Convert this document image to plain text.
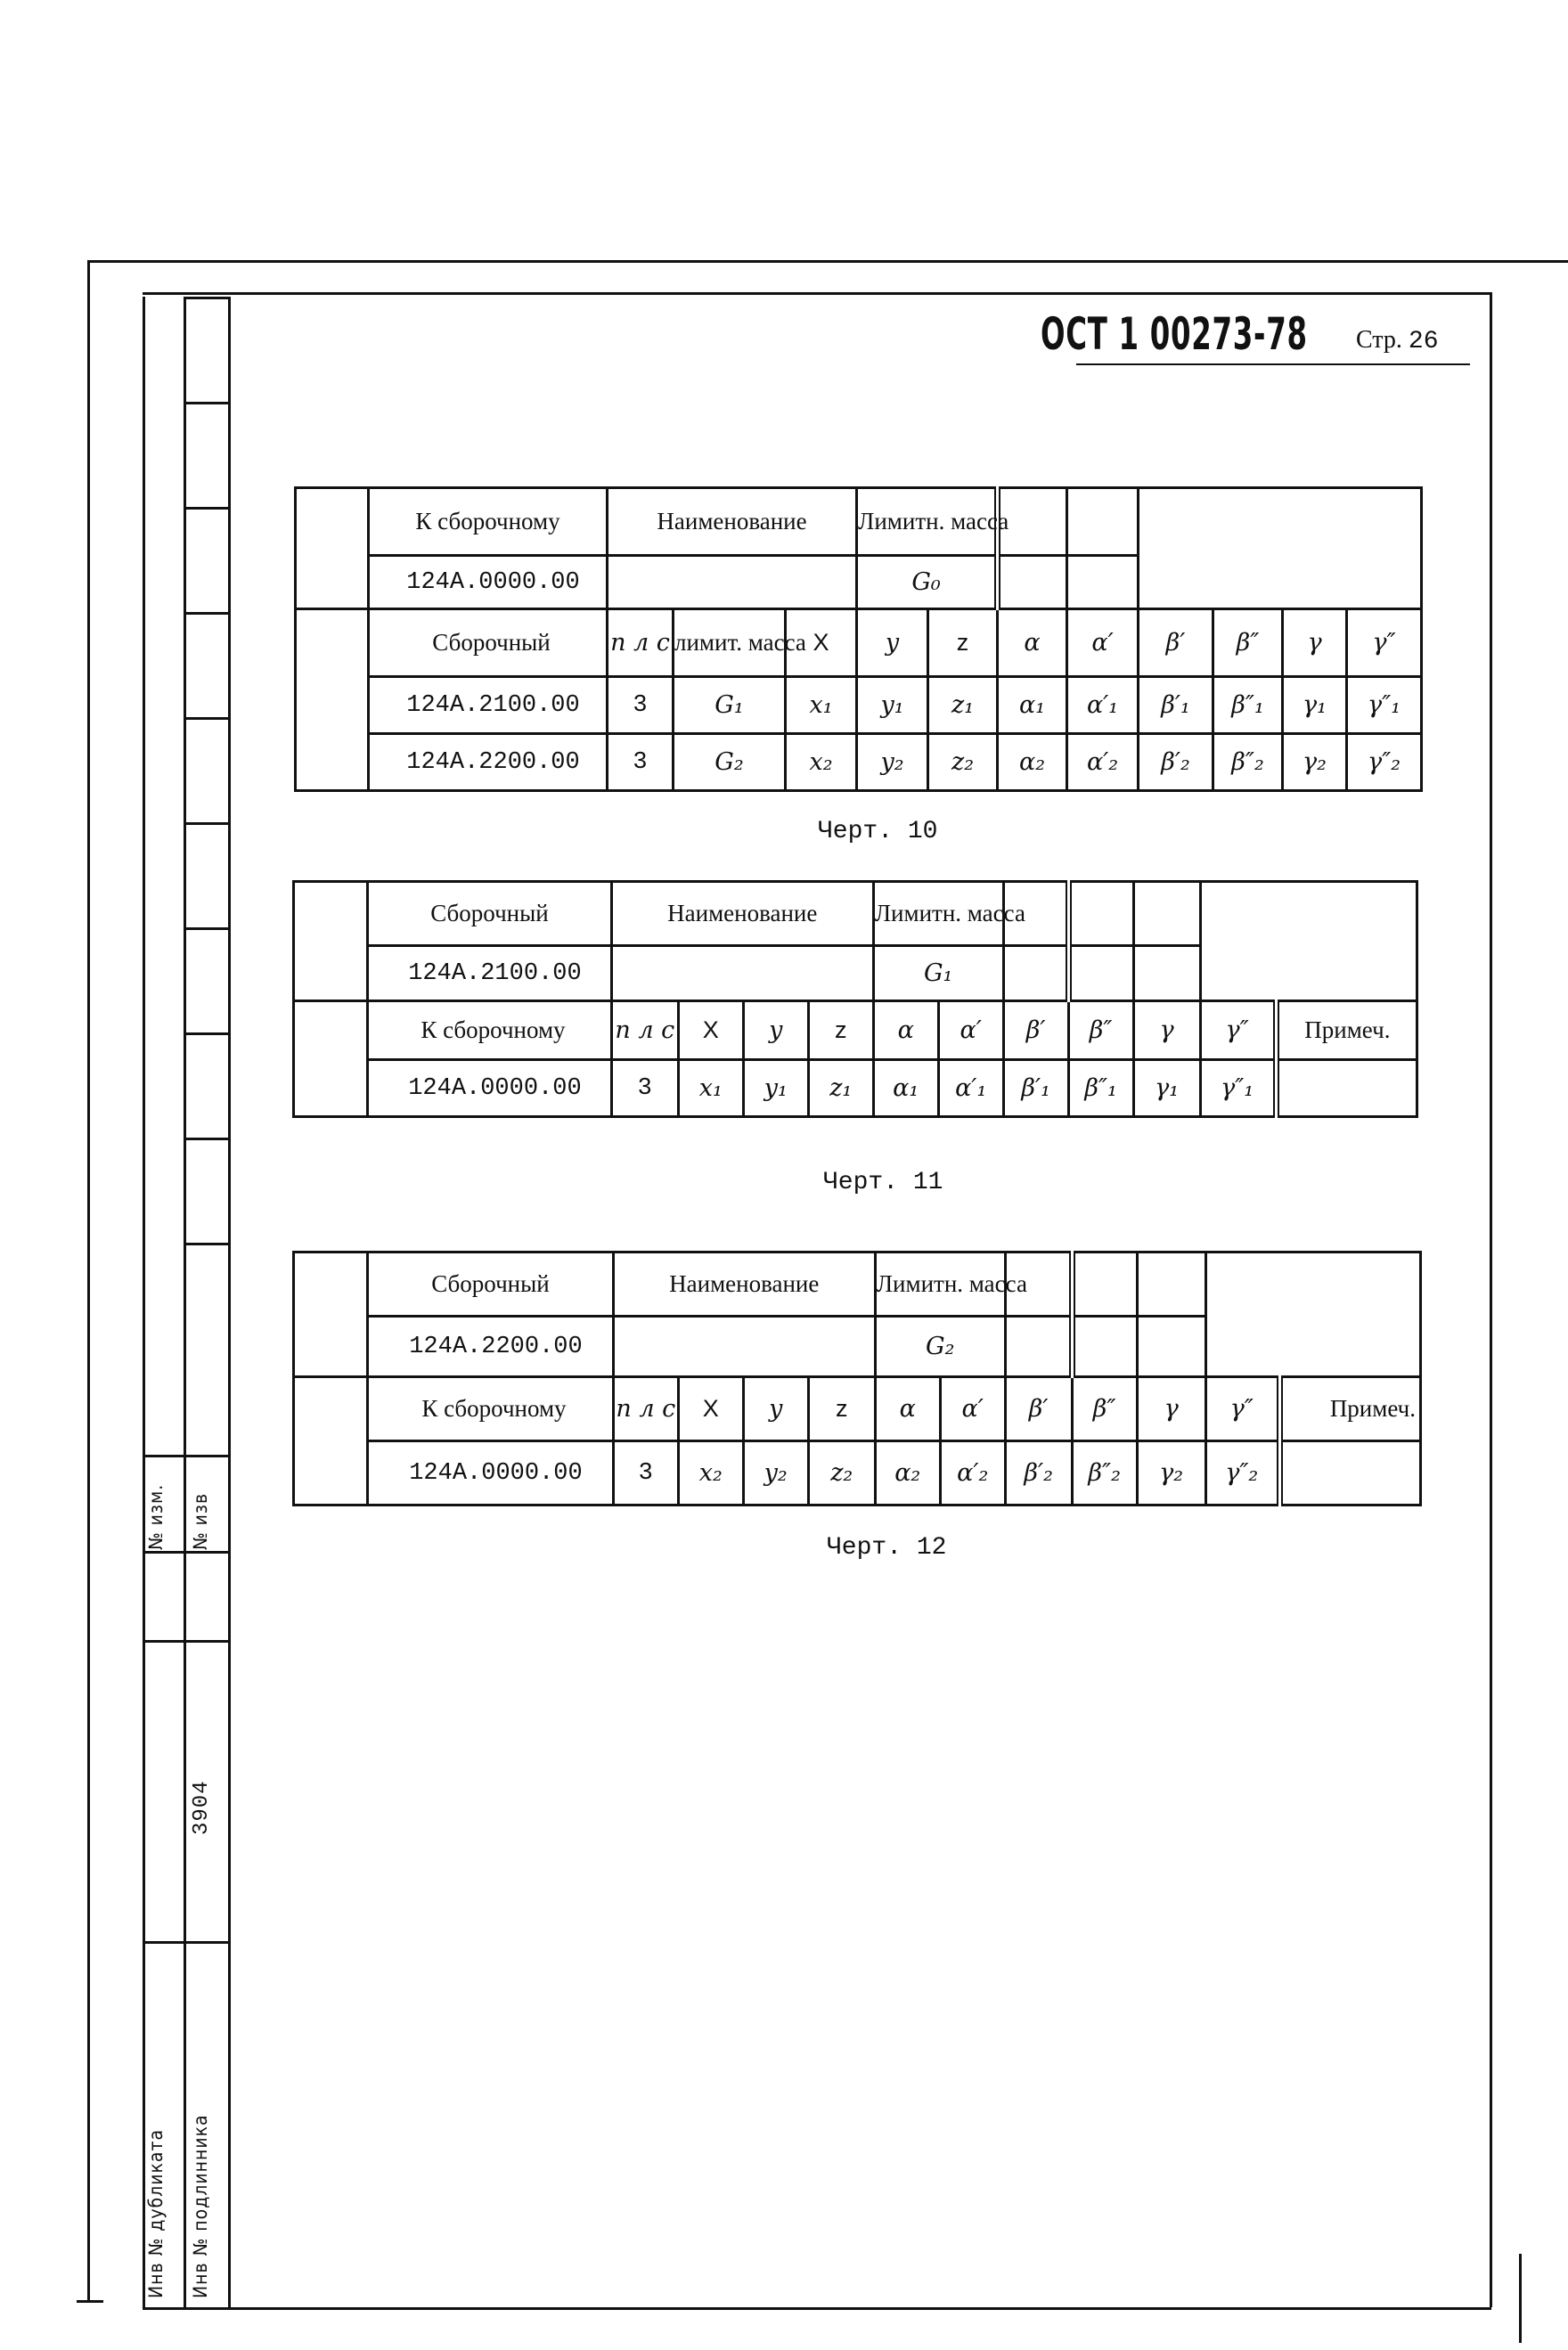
№ изм. № изв
3904
Инв № дубликата Инв № подлинника
ОСТ 1 00273-78 Стр. 26
	К сборочному	Наименование			Лимитн. масса							
	124А.0000.00				G₀							
	Сборочный	п л с	лимит. масса	X	y	z	α	α′	β′	β″	γ	γ″
	124А.2100.00	3	G₁	x₁	y₁	z₁	α₁	α′₁	β′₁	β″₁	γ₁	γ″₁
	124А.2200.00	3	G₂	x₂	y₂	z₂	α₂	α′₂	β′₂	β″₂	γ₂	γ″₂
Черт. 10
	Сборочный	Наименование				Лимитн. масса						
	124А.2100.00					G₁						
	К сборочному	п л с	X	y	z	α	α′	β′	β″	γ	γ″	Примеч.
	124А.0000.00	3	x₁	y₁	z₁	α₁	α′₁	β′₁	β″₁	γ₁	γ″₁	
Черт. 11
	Сборочный	Наименование				Лимитн. масса						
	124А.2200.00					G₂						
	К сборочному	п л с	X	y	z	α	α′	β′	β″	γ	γ″	Примеч.
	124А.0000.00	3	x₂	y₂	z₂	α₂	α′₂	β′₂	β″₂	γ₂	γ″₂	
Черт. 12
